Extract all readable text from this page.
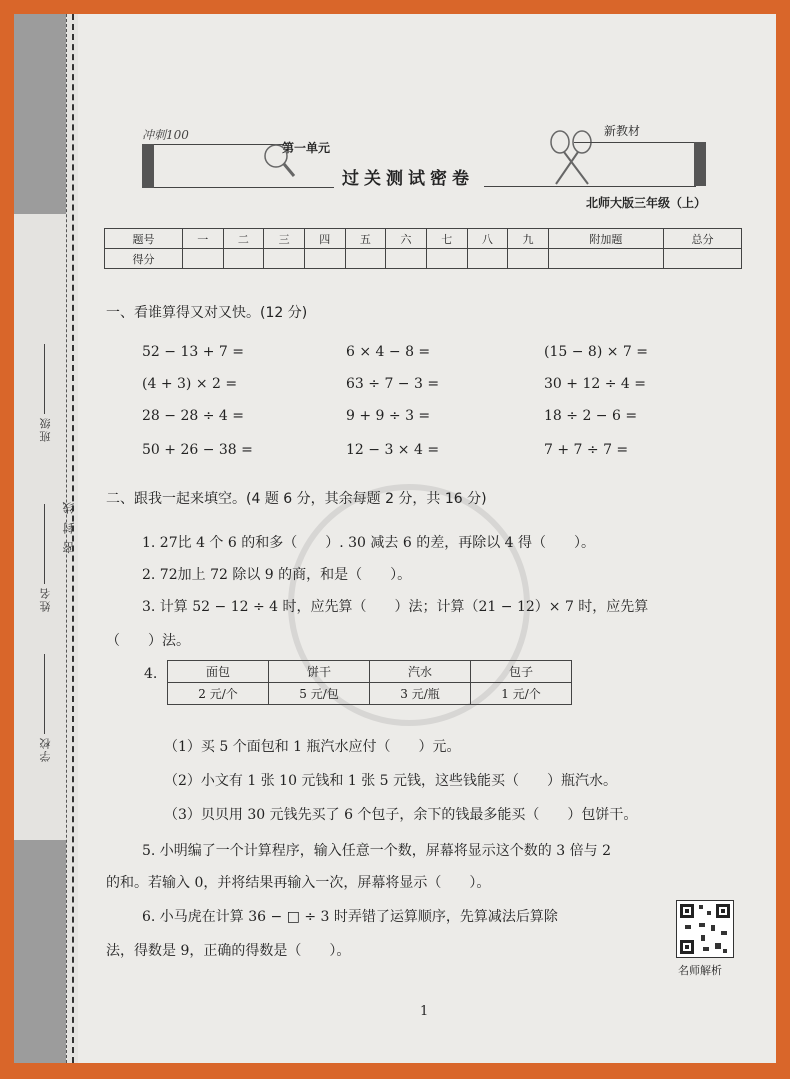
班级
姓名
密 封 线
学校
冲刺100
第一单元
过关测试密卷
新教材
北师大版三年级（上）
题号	一	二	三	四	五	六	七	八	九	附加题	总分
得分											
一、看谁算得又对又快。(12 分)
52 − 13 + 7 =	6 × 4 − 8 =	(15 − 8) × 7 =
(4 + 3) × 2 =	63 ÷ 7 − 3 =	30 + 12 ÷ 4 =
28 − 28 ÷ 4 =	9 + 9 ÷ 3 =	18 ÷ 2 − 6 =
50 + 26 − 38 =	12 − 3 × 4 =	7 + 7 ÷ 7 =
二、跟我一起来填空。(4 题 6 分，其余每题 2 分，共 16 分)
1. 27比 4 个 6 的和多（　　）. 30 减去 6 的差，再除以 4 得（　　）。
2. 72加上 72 除以 9 的商，和是（　　）。
3. 计算 52 − 12 ÷ 4 时，应先算（　　）法；计算（21 − 12）× 7 时，应先算
（　　）法。
4.	面包	饼干	汽水	包子
2 元/个	5 元/包	3 元/瓶	1 元/个
（1）买 5 个面包和 1 瓶汽水应付（　　）元。
（2）小文有 1 张 10 元钱和 1 张 5 元钱，这些钱能买（　　）瓶汽水。
（3）贝贝用 30 元钱先买了 6 个包子，余下的钱最多能买（　　）包饼干。
5. 小明编了一个计算程序，输入任意一个数，屏幕将显示这个数的 3 倍与 2
的和。若输入 0，并将结果再输入一次，屏幕将显示（　　）。
6. 小马虎在计算 36 − □ ÷ 3 时弄错了运算顺序，先算减法后算除
法，得数是 9，正确的得数是（　　）。
名师解析
1
